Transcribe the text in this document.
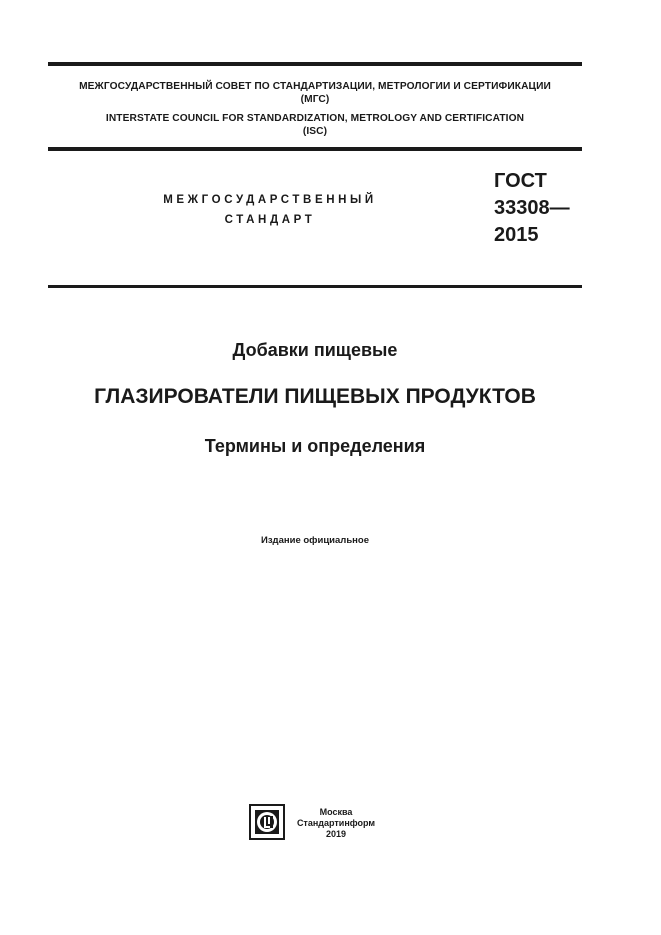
МЕЖГОСУДАРСТВЕННЫЙ СОВЕТ ПО СТАНДАРТИЗАЦИИ, МЕТРОЛОГИИ И СЕРТИФИКАЦИИ
(МГС)
INTERSTATE COUNCIL FOR STANDARDIZATION, METROLOGY AND CERTIFICATION
(ISC)
МЕЖГОСУДАРСТВЕННЫЙ
СТАНДАРТ
ГОСТ
33308—
2015
Добавки пищевые
ГЛАЗИРОВАТЕЛИ ПИЩЕВЫХ ПРОДУКТОВ
Термины и определения
Издание официальное
Москва
Стандартинформ
2019
